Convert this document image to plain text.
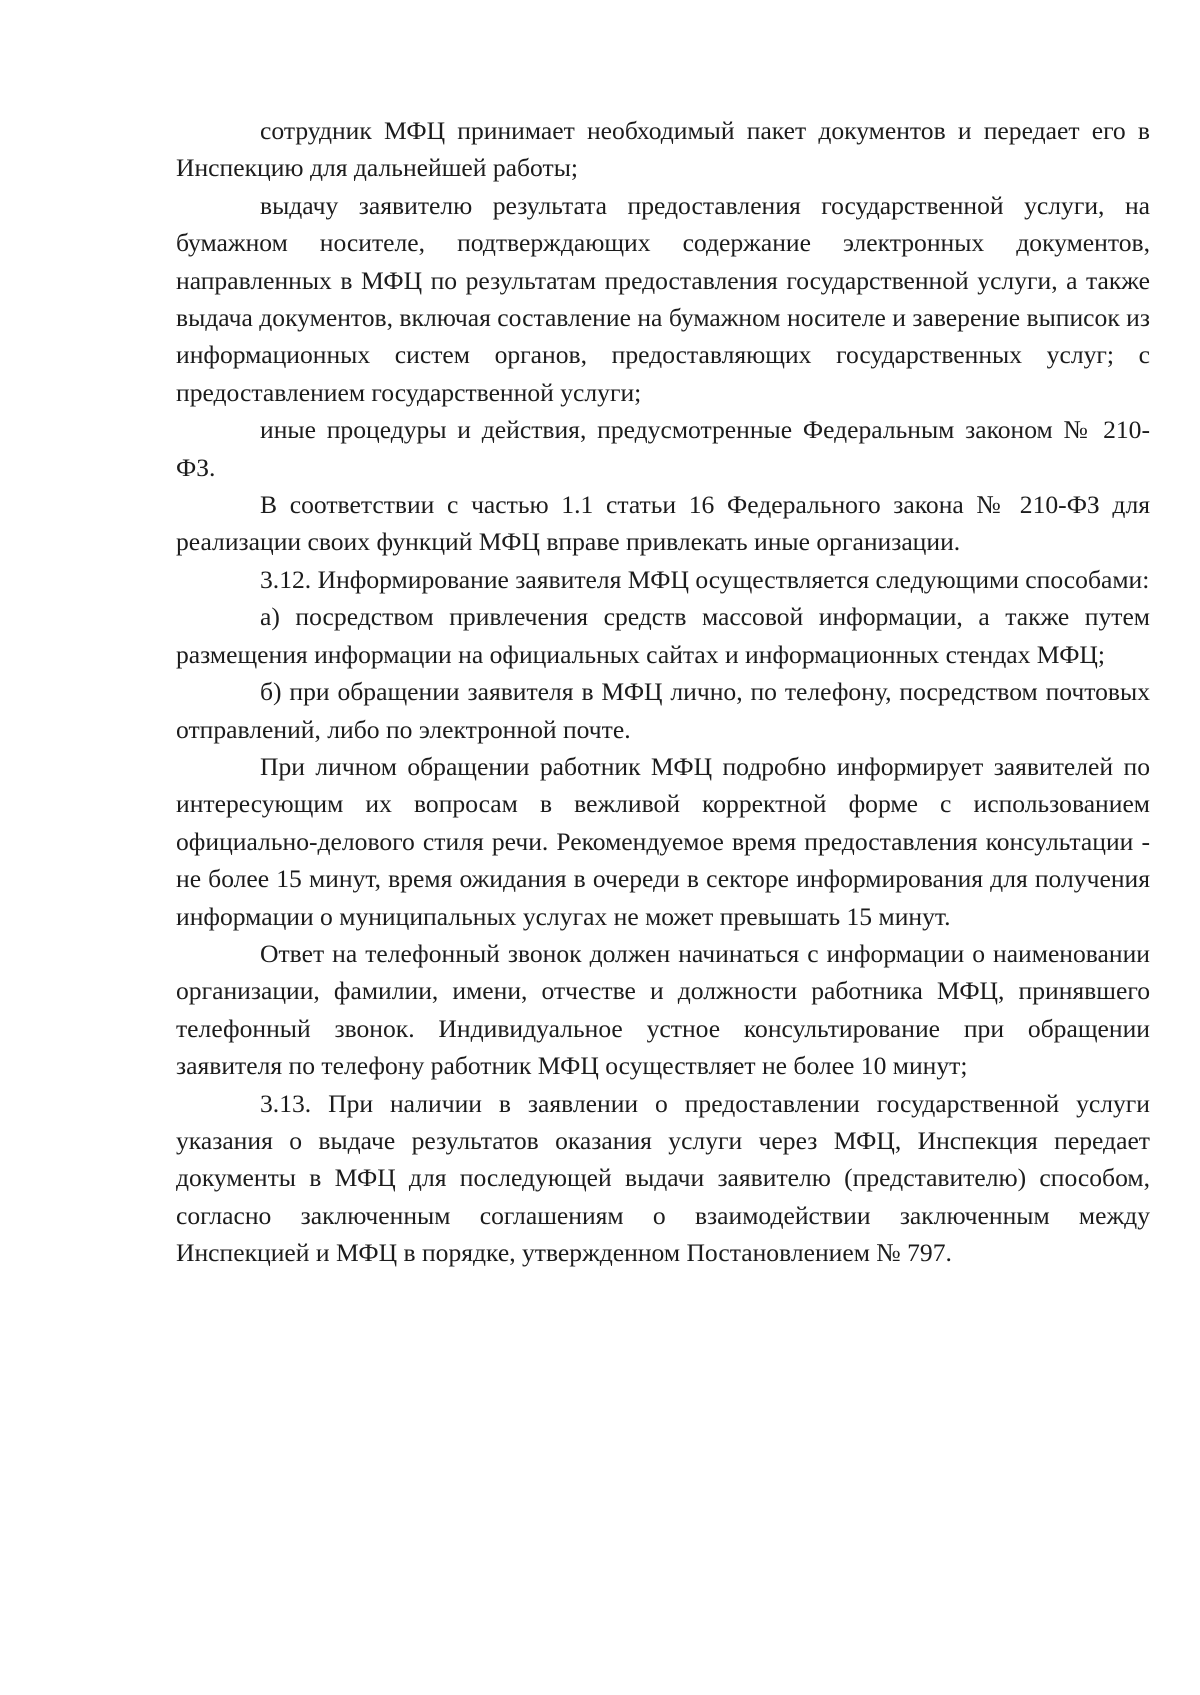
сотрудник МФЦ принимает необходимый пакет документов и передает его в Инспекцию для дальнейшей работы;

выдачу заявителю результата предоставления государственной услуги, на бумажном носителе, подтверждающих содержание электронных документов, направленных в МФЦ по результатам предоставления государственной услуги, а также выдача документов, включая составление на бумажном носителе и заверение выписок из информационных систем органов, предоставляющих государственных услуг; с предоставлением государственной услуги;

иные процедуры и действия, предусмотренные Федеральным законом № 210-ФЗ.

В соответствии с частью 1.1 статьи 16 Федерального закона № 210-ФЗ для реализации своих функций МФЦ вправе привлекать иные организации.

3.12. Информирование заявителя МФЦ осуществляется следующими способами:

а) посредством привлечения средств массовой информации, а также путем размещения информации на официальных сайтах и информационных стендах МФЦ;

б) при обращении заявителя в МФЦ лично, по телефону, посредством почтовых отправлений, либо по электронной почте.

При личном обращении работник МФЦ подробно информирует заявителей по интересующим их вопросам в вежливой корректной форме с использованием официально-делового стиля речи. Рекомендуемое время предоставления консультации - не более 15 минут, время ожидания в очереди в секторе информирования для получения информации о муниципальных услугах не может превышать 15 минут.

Ответ на телефонный звонок должен начинаться с информации о наименовании организации, фамилии, имени, отчестве и должности работника МФЦ, принявшего телефонный звонок. Индивидуальное устное консультирование при обращении заявителя по телефону работник МФЦ осуществляет не более 10 минут;

3.13. При наличии в заявлении о предоставлении государственной услуги указания о выдаче результатов оказания услуги через МФЦ, Инспекция передает документы в МФЦ для последующей выдачи заявителю (представителю) способом, согласно заключенным соглашениям о взаимодействии заключенным между Инспекцией и МФЦ в порядке, утвержденном Постановлением № 797.
